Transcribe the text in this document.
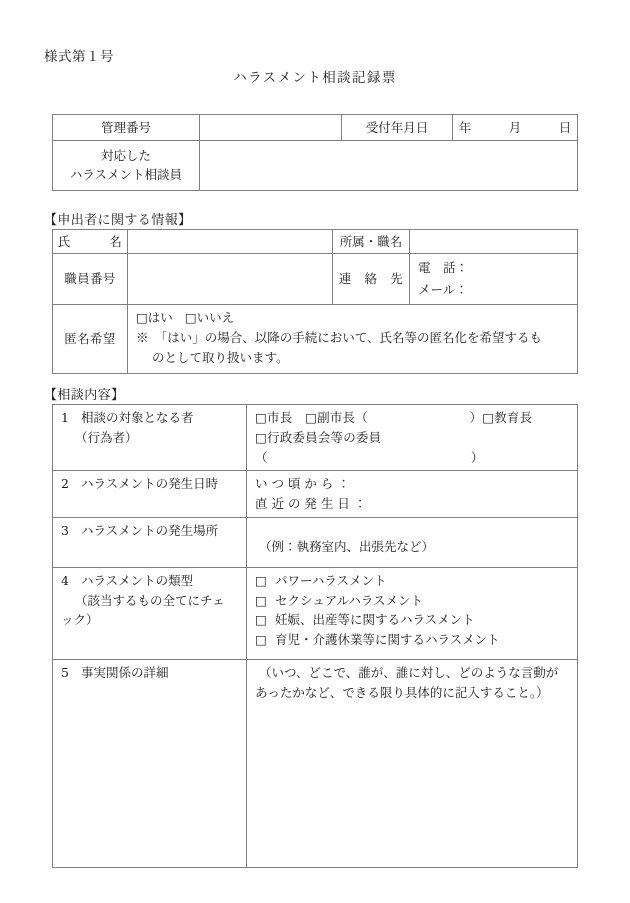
様式第１号
ハラスメント相談記録票
管理番号		受付年月日	年　　　月　　　日

対応した
ハラスメント相談員			

【申出者に関する情報】
氏　　　名		所属・職名	
職員番号		連　絡　先	電　話：
メール：

匿名希望	□はい □いいえ
※　「はい」の場合、以降の手続において、氏名等の匿名化を希望するも
のとして取り扱います。		
【相談内容】
1 相談の対象となる者
（行為者）	□市長　□副市長（　　　　　　　　）□教育長
□行政委員会等の委員（　　　　　　　　　　　　　　　　）

2 ハラスメントの発生日時	い つ 頃 か ら ：
直 近 の 発 生 日 ：

3 ハラスメントの発生場所	（例：執務室内、出張先など）

4 ハラスメントの類型
（該当するもの全てにチェ
ック）	□ パワーハラスメント
□ セクシュアルハラスメント
□ 妊娠、出産等に関するハラスメント
□ 育児・介護休業等に関するハラスメント

5 事実関係の詳細	（いつ、どこで、誰が、誰に対し、どのような言動が
あったかなど、できる限り具体的に記入すること。）
